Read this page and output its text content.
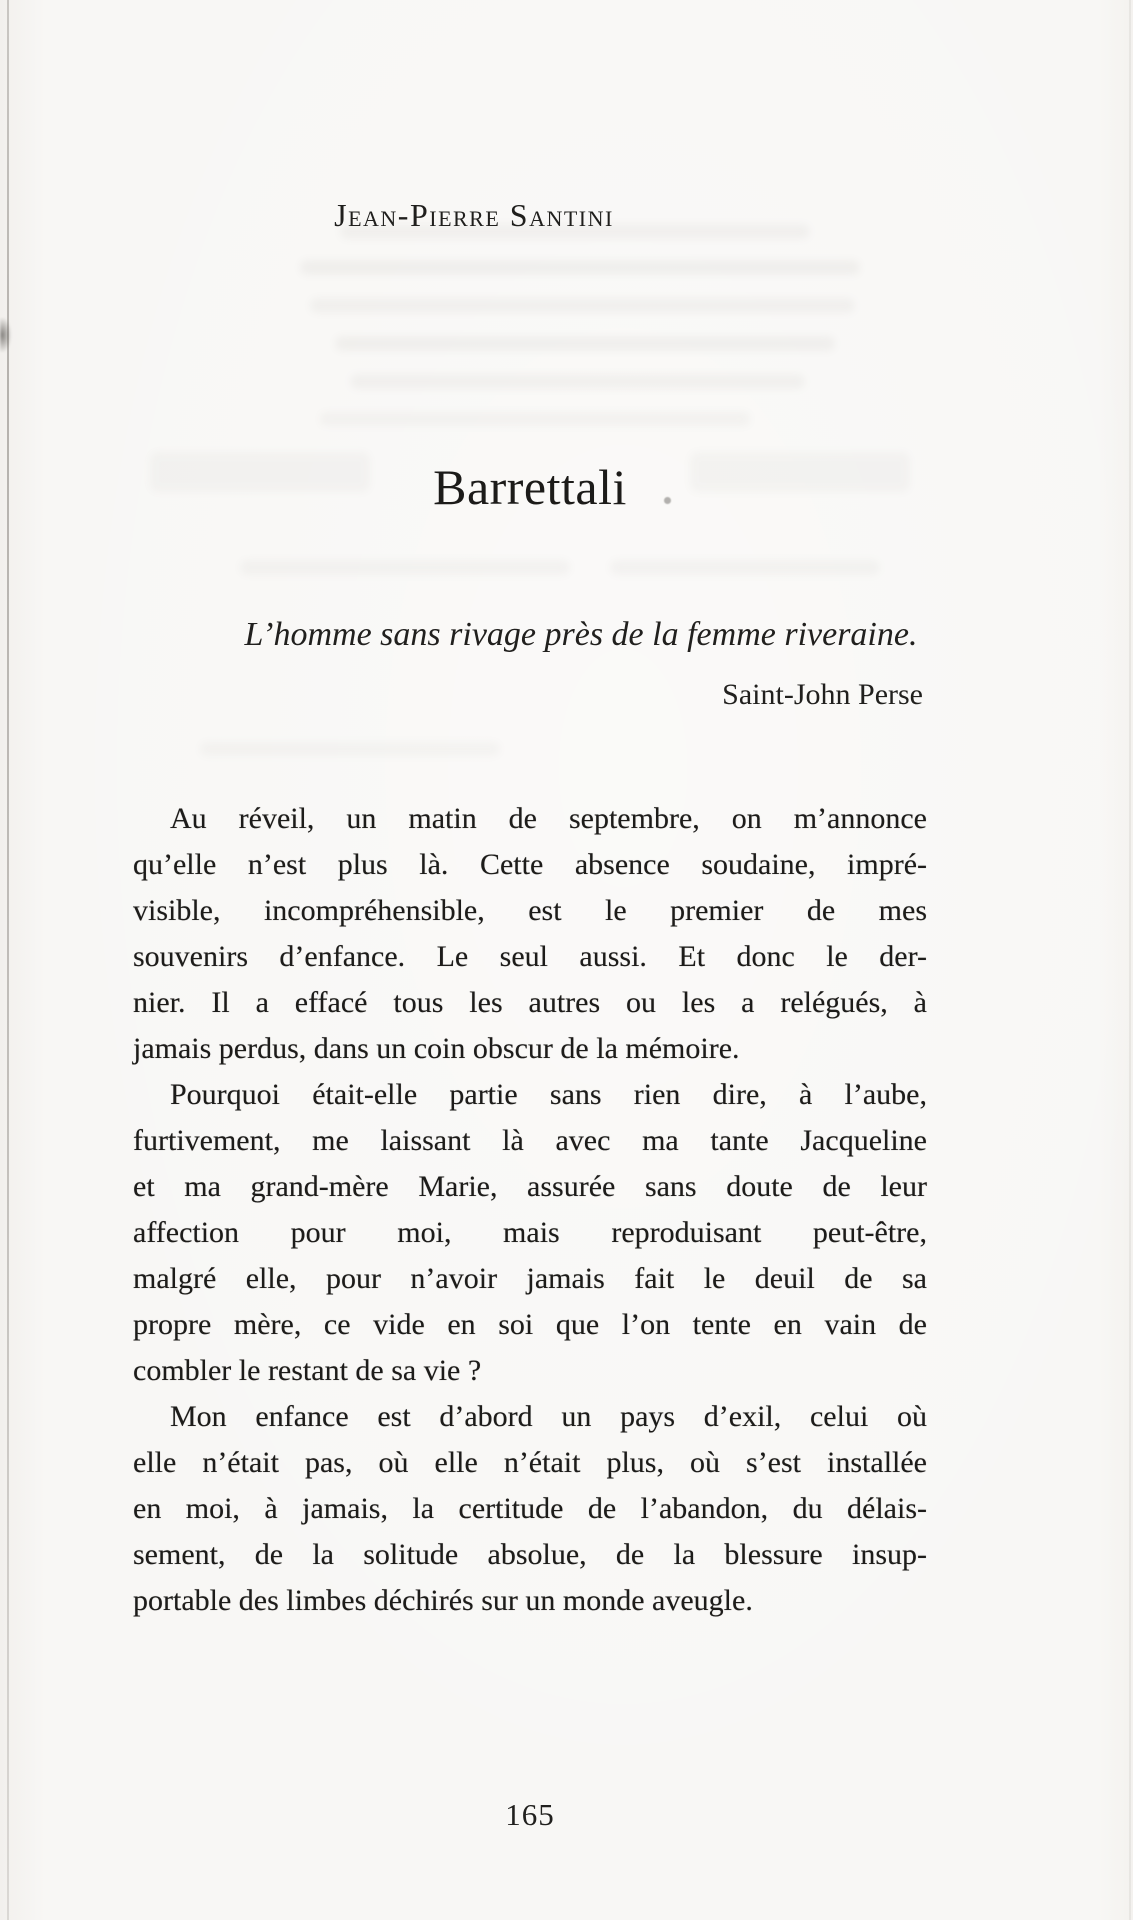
Jean-Pierre Santini
Barrettali
L’homme sans rivage près de la femme riveraine.
Saint-John Perse
Au réveil, un matin de septembre, on m’annonce
qu’elle n’est plus là. Cette absence soudaine, impré-
visible, incompréhensible, est le premier de mes
souvenirs d’enfance. Le seul aussi. Et donc le der-
nier. Il a effacé tous les autres ou les a relégués, à
jamais perdus, dans un coin obscur de la mémoire.
Pourquoi était-elle partie sans rien dire, à l’aube,
furtivement, me laissant là avec ma tante Jacqueline
et ma grand-mère Marie, assurée sans doute de leur
affection pour moi, mais reproduisant peut-être,
malgré elle, pour n’avoir jamais fait le deuil de sa
propre mère, ce vide en soi que l’on tente en vain de
combler le restant de sa vie ?
Mon enfance est d’abord un pays d’exil, celui où
elle n’était pas, où elle n’était plus, où s’est installée
en moi, à jamais, la certitude de l’abandon, du délais-
sement, de la solitude absolue, de la blessure insup-
portable des limbes déchirés sur un monde aveugle.
165
